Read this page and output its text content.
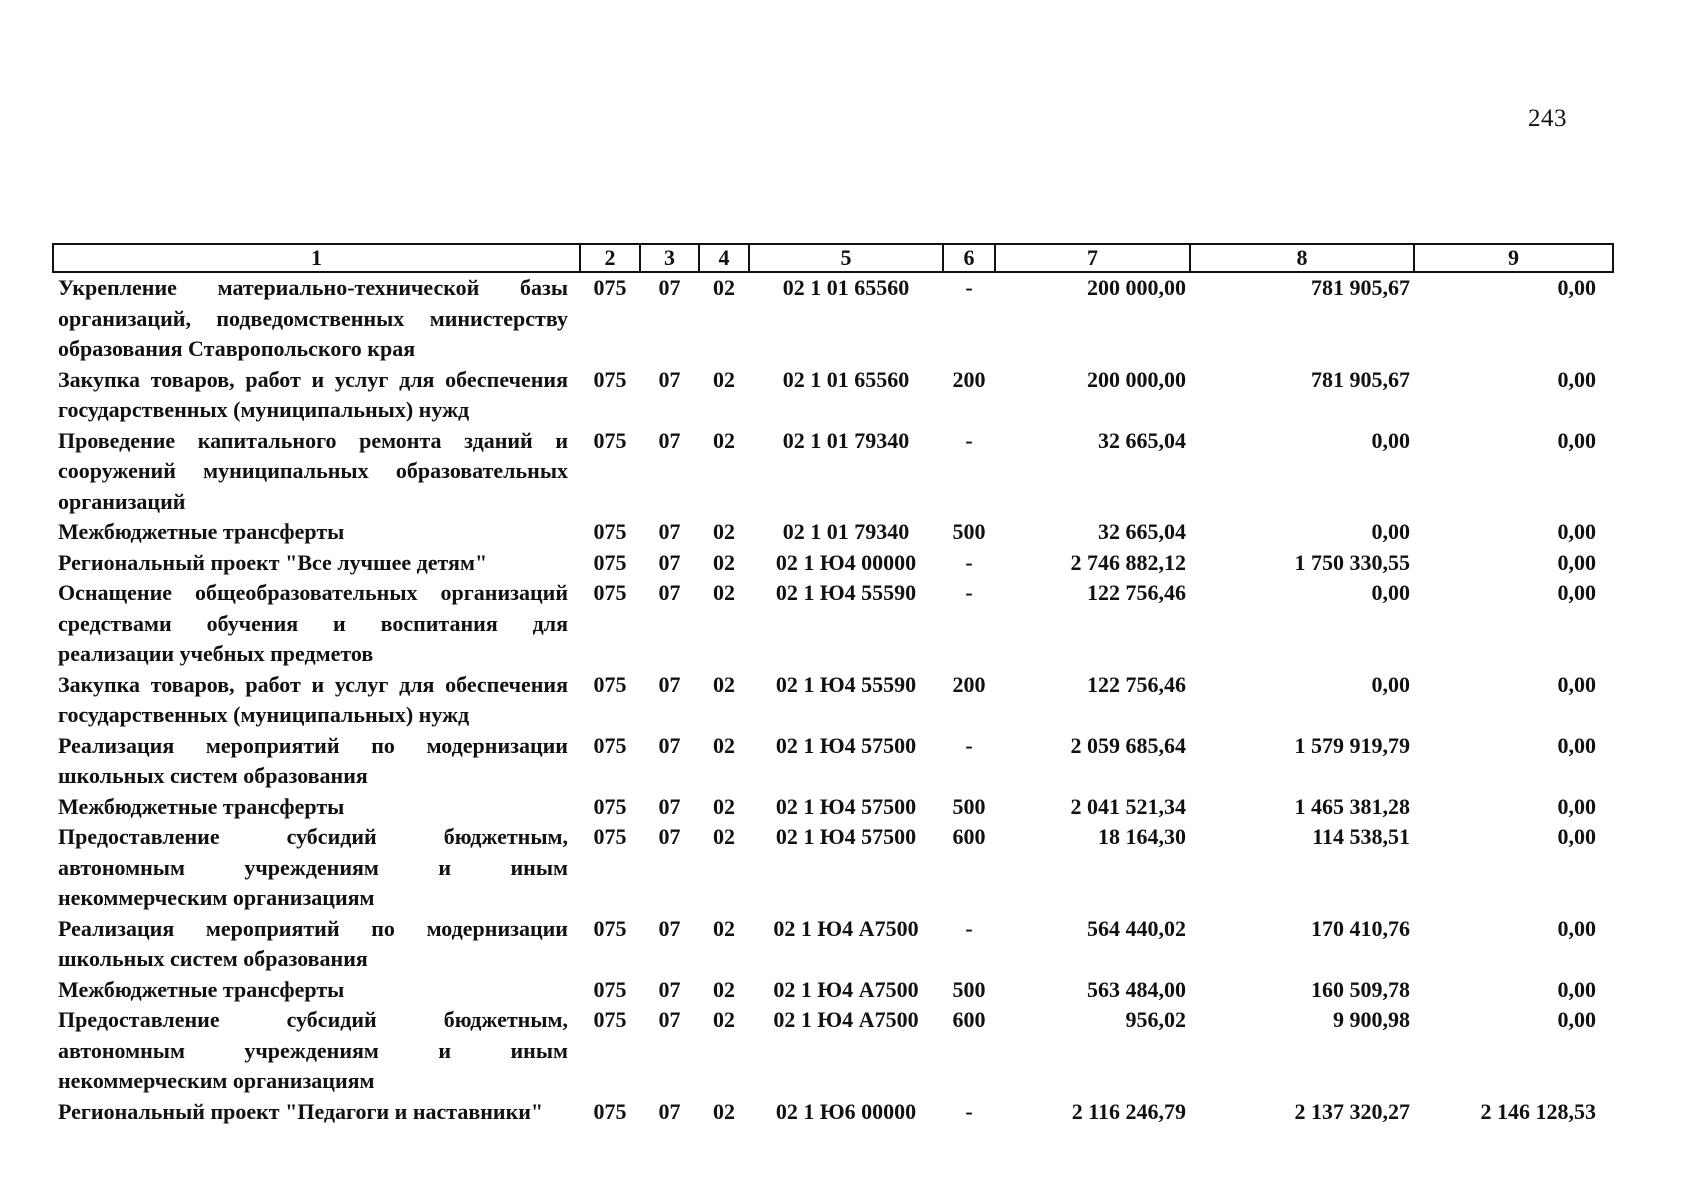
243
1	2	3	4	5	6	7	8	9
Укрепление материально-технической базы организаций, подведомственных министерству образования Ставропольского края	075	07	02	02 1 01 65560	-	200 000,00	781 905,67	0,00
Закупка товаров, работ и услуг для обеспечения государственных (муниципальных) нужд	075	07	02	02 1 01 65560	200	200 000,00	781 905,67	0,00
Проведение капитального ремонта зданий и сооружений муниципальных образовательных организаций	075	07	02	02 1 01 79340	-	32 665,04	0,00	0,00
Межбюджетные трансферты	075	07	02	02 1 01 79340	500	32 665,04	0,00	0,00
Региональный проект "Все лучшее детям"	075	07	02	02 1 Ю4 00000	-	2 746 882,12	1 750 330,55	0,00
Оснащение общеобразовательных организаций средствами обучения и воспитания для реализации учебных предметов	075	07	02	02 1 Ю4 55590	-	122 756,46	0,00	0,00
Закупка товаров, работ и услуг для обеспечения государственных (муниципальных) нужд	075	07	02	02 1 Ю4 55590	200	122 756,46	0,00	0,00
Реализация мероприятий по модернизации школьных систем образования	075	07	02	02 1 Ю4 57500	-	2 059 685,64	1 579 919,79	0,00
Межбюджетные трансферты	075	07	02	02 1 Ю4 57500	500	2 041 521,34	1 465 381,28	0,00
Предоставление субсидий бюджетным, автономным учреждениям и иным некоммерческим организациям	075	07	02	02 1 Ю4 57500	600	18 164,30	114 538,51	0,00
Реализация мероприятий по модернизации школьных систем образования	075	07	02	02 1 Ю4 А7500	-	564 440,02	170 410,76	0,00
Межбюджетные трансферты	075	07	02	02 1 Ю4 А7500	500	563 484,00	160 509,78	0,00
Предоставление субсидий бюджетным, автономным учреждениям и иным некоммерческим организациям	075	07	02	02 1 Ю4 А7500	600	956,02	9 900,98	0,00
Региональный проект "Педагоги и наставники"	075	07	02	02 1 Ю6 00000	-	2 116 246,79	2 137 320,27	2 146 128,53
